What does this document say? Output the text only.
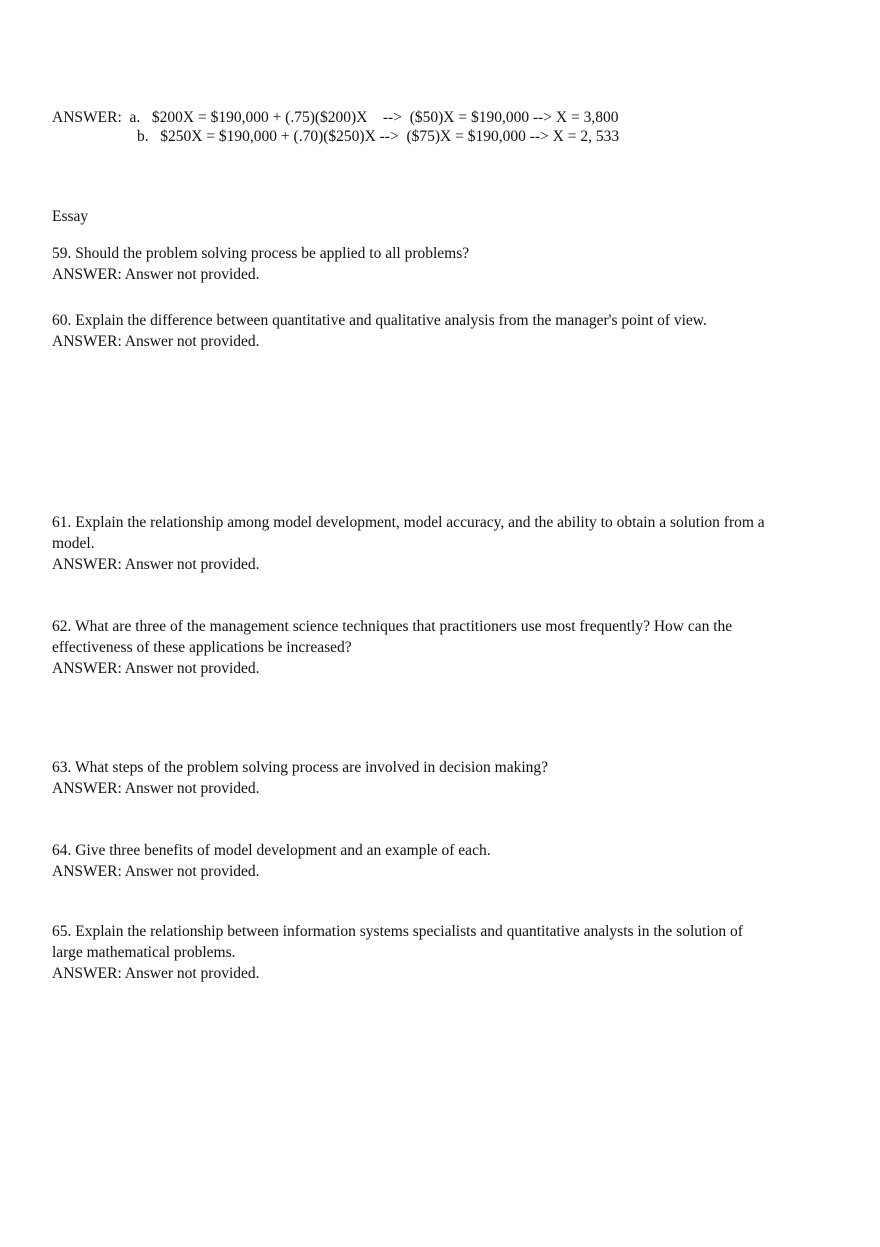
ANSWER:  a.   $200X = $190,000 + (.75)($200)X    -->  ($50)X = $190,000 --> X = 3,800
b.   $250X = $190,000 + (.70)($250)X -->  ($75)X = $190,000 --> X = 2, 533
Essay

59. Should the problem solving process be applied to all problems?

ANSWER: Answer not provided.

60. Explain the difference between quantitative and qualitative analysis from the manager's point of view.

ANSWER: Answer not provided.

61. Explain the relationship among model development, model accuracy, and the ability to obtain a solution from a model.

ANSWER: Answer not provided.

62. What are three of the management science techniques that practitioners use most frequently? How can the effectiveness of these applications be increased?

ANSWER: Answer not provided.

63. What steps of the problem solving process are involved in decision making?

ANSWER: Answer not provided.

64. Give three benefits of model development and an example of each.

ANSWER: Answer not provided.

65. Explain the relationship between information systems specialists and quantitative analysts in the solution of large mathematical problems.

ANSWER: Answer not provided.
